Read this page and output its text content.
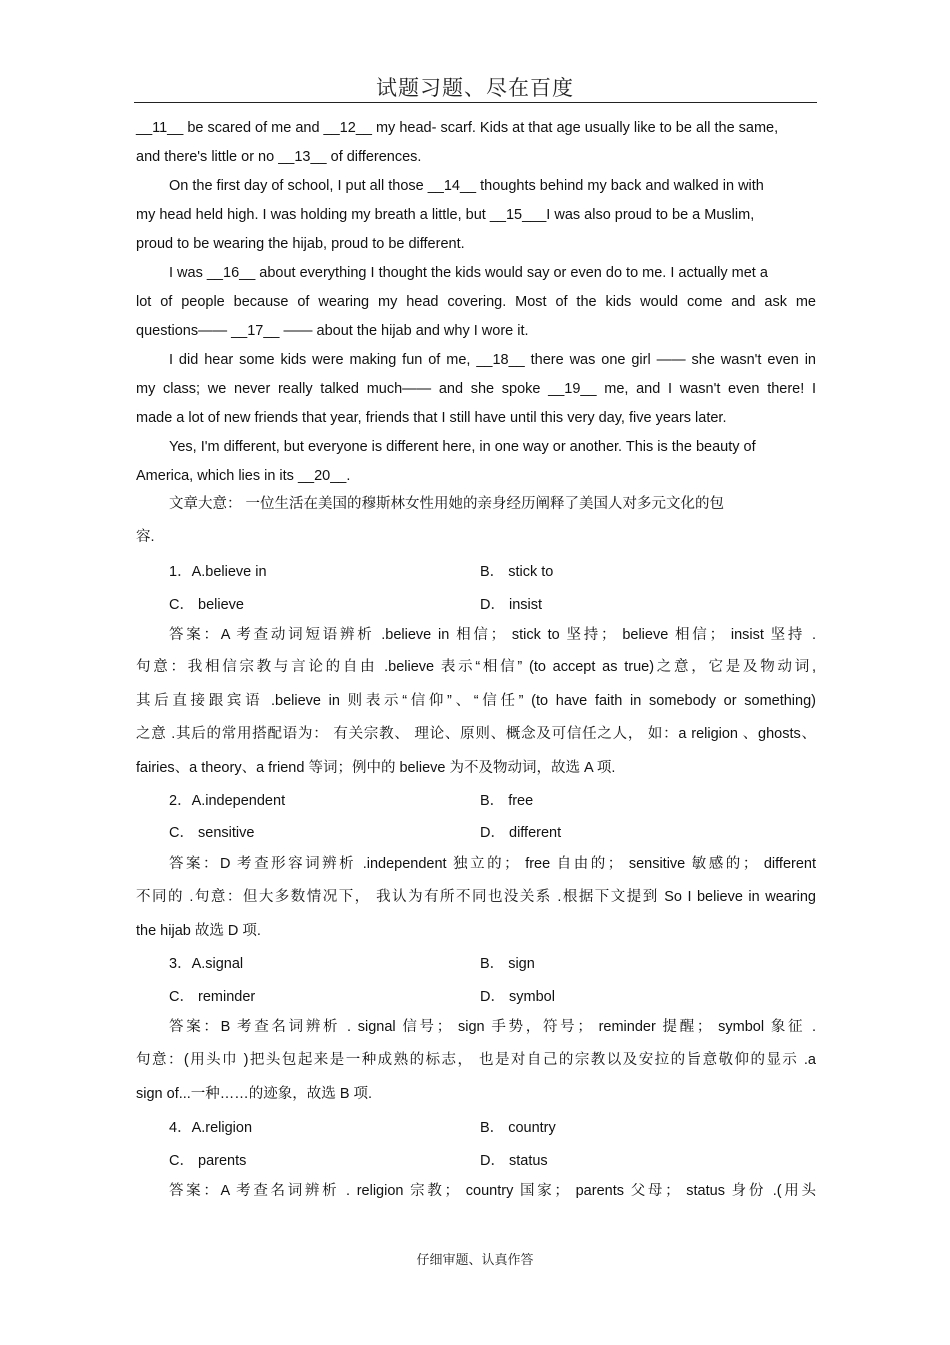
试题习题、尽在百度
__11__ be scared of me and __12__ my head- scarf. Kids at that age usually like to be all the same,
and there's little or no __13__ of differences.
On the first day of school, I put all those __14__ thoughts behind my back and walked in with
my head held high. I was holding my breath a little, but __15___I was also proud to be a Muslim,
proud to be wearing the hijab, proud to be different.
I was __16__ about everything I thought the kids would say or even do to me. I actually met a
lot of people because of wearing my head covering. Most of the kids would come and ask me
questions—— __17__ —— about the hijab and why I wore it.
I did hear some kids were making fun of me, __18__ there was one girl —— she wasn't even in
my class; we never really talked much—— and she spoke __19__ me, and I wasn't even there! I
made a lot of new friends that year, friends that I still have until this very day, five years later.
Yes, I'm different, but everyone is different here, in one way or another. This is the beauty of
America, which lies in its __20__.
文章大意： 一位生活在美国的穆斯林女性用她的亲身经历阐释了美国人对多元文化的包
容.
答案：A 考查动词短语辨析 .believe in 相信； stick to 坚持； believe 相信； insist 坚持 .
句意：我相信宗教与言论的自由 .believe 表示“相信” (to accept as true)之意，它是及物动词,
其后直接跟宾语 .believe in 则表示“信仰”、“信任” (to have faith in somebody or something)
之意 .其后的常用搭配语为： 有关宗教、 理论、原则、概念及可信任之人， 如：a religion 、ghosts、
fairies、a theory、a friend 等词；例中的 believe 为不及物动词，故选 A 项.
答案：D 考查形容词辨析 .independent 独立的； free 自由的； sensitive 敏感的； different
不同的 .句意：但大多数情况下， 我认为有所不同也没关系 .根据下文提到 So I believe in wearing
the hijab 故选 D 项.
答案：B 考查名词辨析 . signal 信号； sign 手势，符号； reminder 提醒； symbol 象征 .
句意：(用头巾 )把头包起来是一种成熟的标志， 也是对自己的宗教以及安拉的旨意敬仰的显示 .a
sign of...一种……的迹象，故选 B 项.
答案：A 考查名词辨析 . religion 宗教； country 国家； parents 父母； status 身份 .(用头
1．A.believe in	B． stick to
C． believe	D． insist
2．A.independent	B． free
C． sensitive	D． different
3．A.signal	B． sign
C． reminder	D． symbol
4．A.religion	B． country
C． parents	D． status
仔细审题、认真作答
